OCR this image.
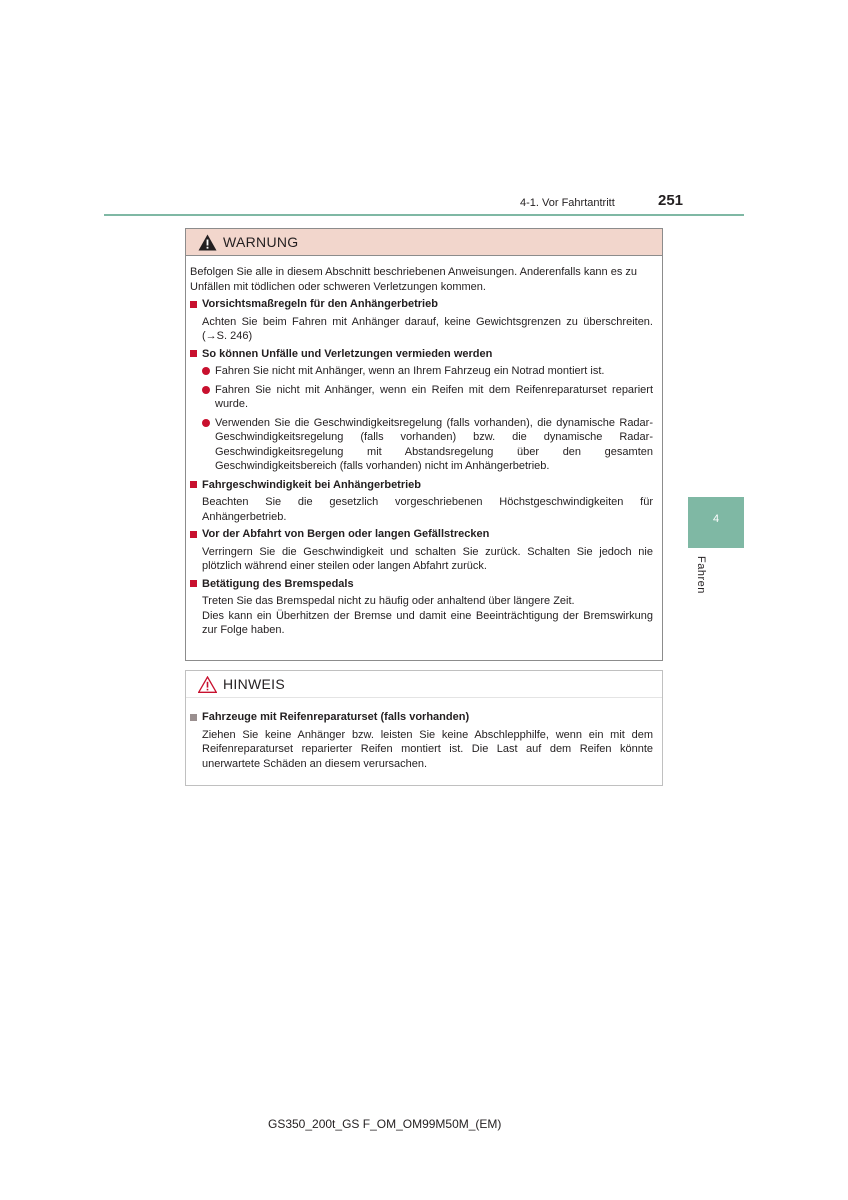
4-1. Vor Fahrtantritt	251
4
Fahren
WARNUNG

Befolgen Sie alle in diesem Abschnitt beschriebenen Anweisungen. Anderenfalls kann es zu Unfällen mit tödlichen oder schweren Verletzungen kommen.

Vorsichtsmaßregeln für den Anhängerbetrieb

Achten Sie beim Fahren mit Anhänger darauf, keine Gewichtsgrenzen zu überschreiten. (→S. 246)

So können Unfälle und Verletzungen vermieden werden
Fahren Sie nicht mit Anhänger, wenn an Ihrem Fahrzeug ein Notrad montiert ist.
Fahren Sie nicht mit Anhänger, wenn ein Reifen mit dem Reifenreparaturset repariert wurde.
Verwenden Sie die Geschwindigkeitsregelung (falls vorhanden), die dynamische Radar-Geschwindigkeitsregelung (falls vorhanden) bzw. die dynamische Radar-Geschwindigkeitsregelung mit Abstandsregelung über den gesamten Geschwindigkeitsbereich (falls vorhanden) nicht im Anhängerbetrieb.
Fahrgeschwindigkeit bei Anhängerbetrieb

Beachten Sie die gesetzlich vorgeschriebenen Höchstgeschwindigkeiten für Anhängerbetrieb.

Vor der Abfahrt von Bergen oder langen Gefällstrecken

Verringern Sie die Geschwindigkeit und schalten Sie zurück. Schalten Sie jedoch nie plötzlich während einer steilen oder langen Abfahrt zurück.

Betätigung des Bremspedals

Treten Sie das Bremspedal nicht zu häufig oder anhaltend über längere Zeit.

Dies kann ein Überhitzen der Bremse und damit eine Beeinträchtigung der Bremswirkung zur Folge haben.

HINWEIS
Fahrzeuge mit Reifenreparaturset (falls vorhanden)

Ziehen Sie keine Anhänger bzw. leisten Sie keine Abschlepphilfe, wenn ein mit dem Reifenreparaturset reparierter Reifen montiert ist. Die Last auf dem Reifen könnte unerwartete Schäden an diesem verursachen.

GS350_200t_GS F_OM_OM99M50M_(EM)
